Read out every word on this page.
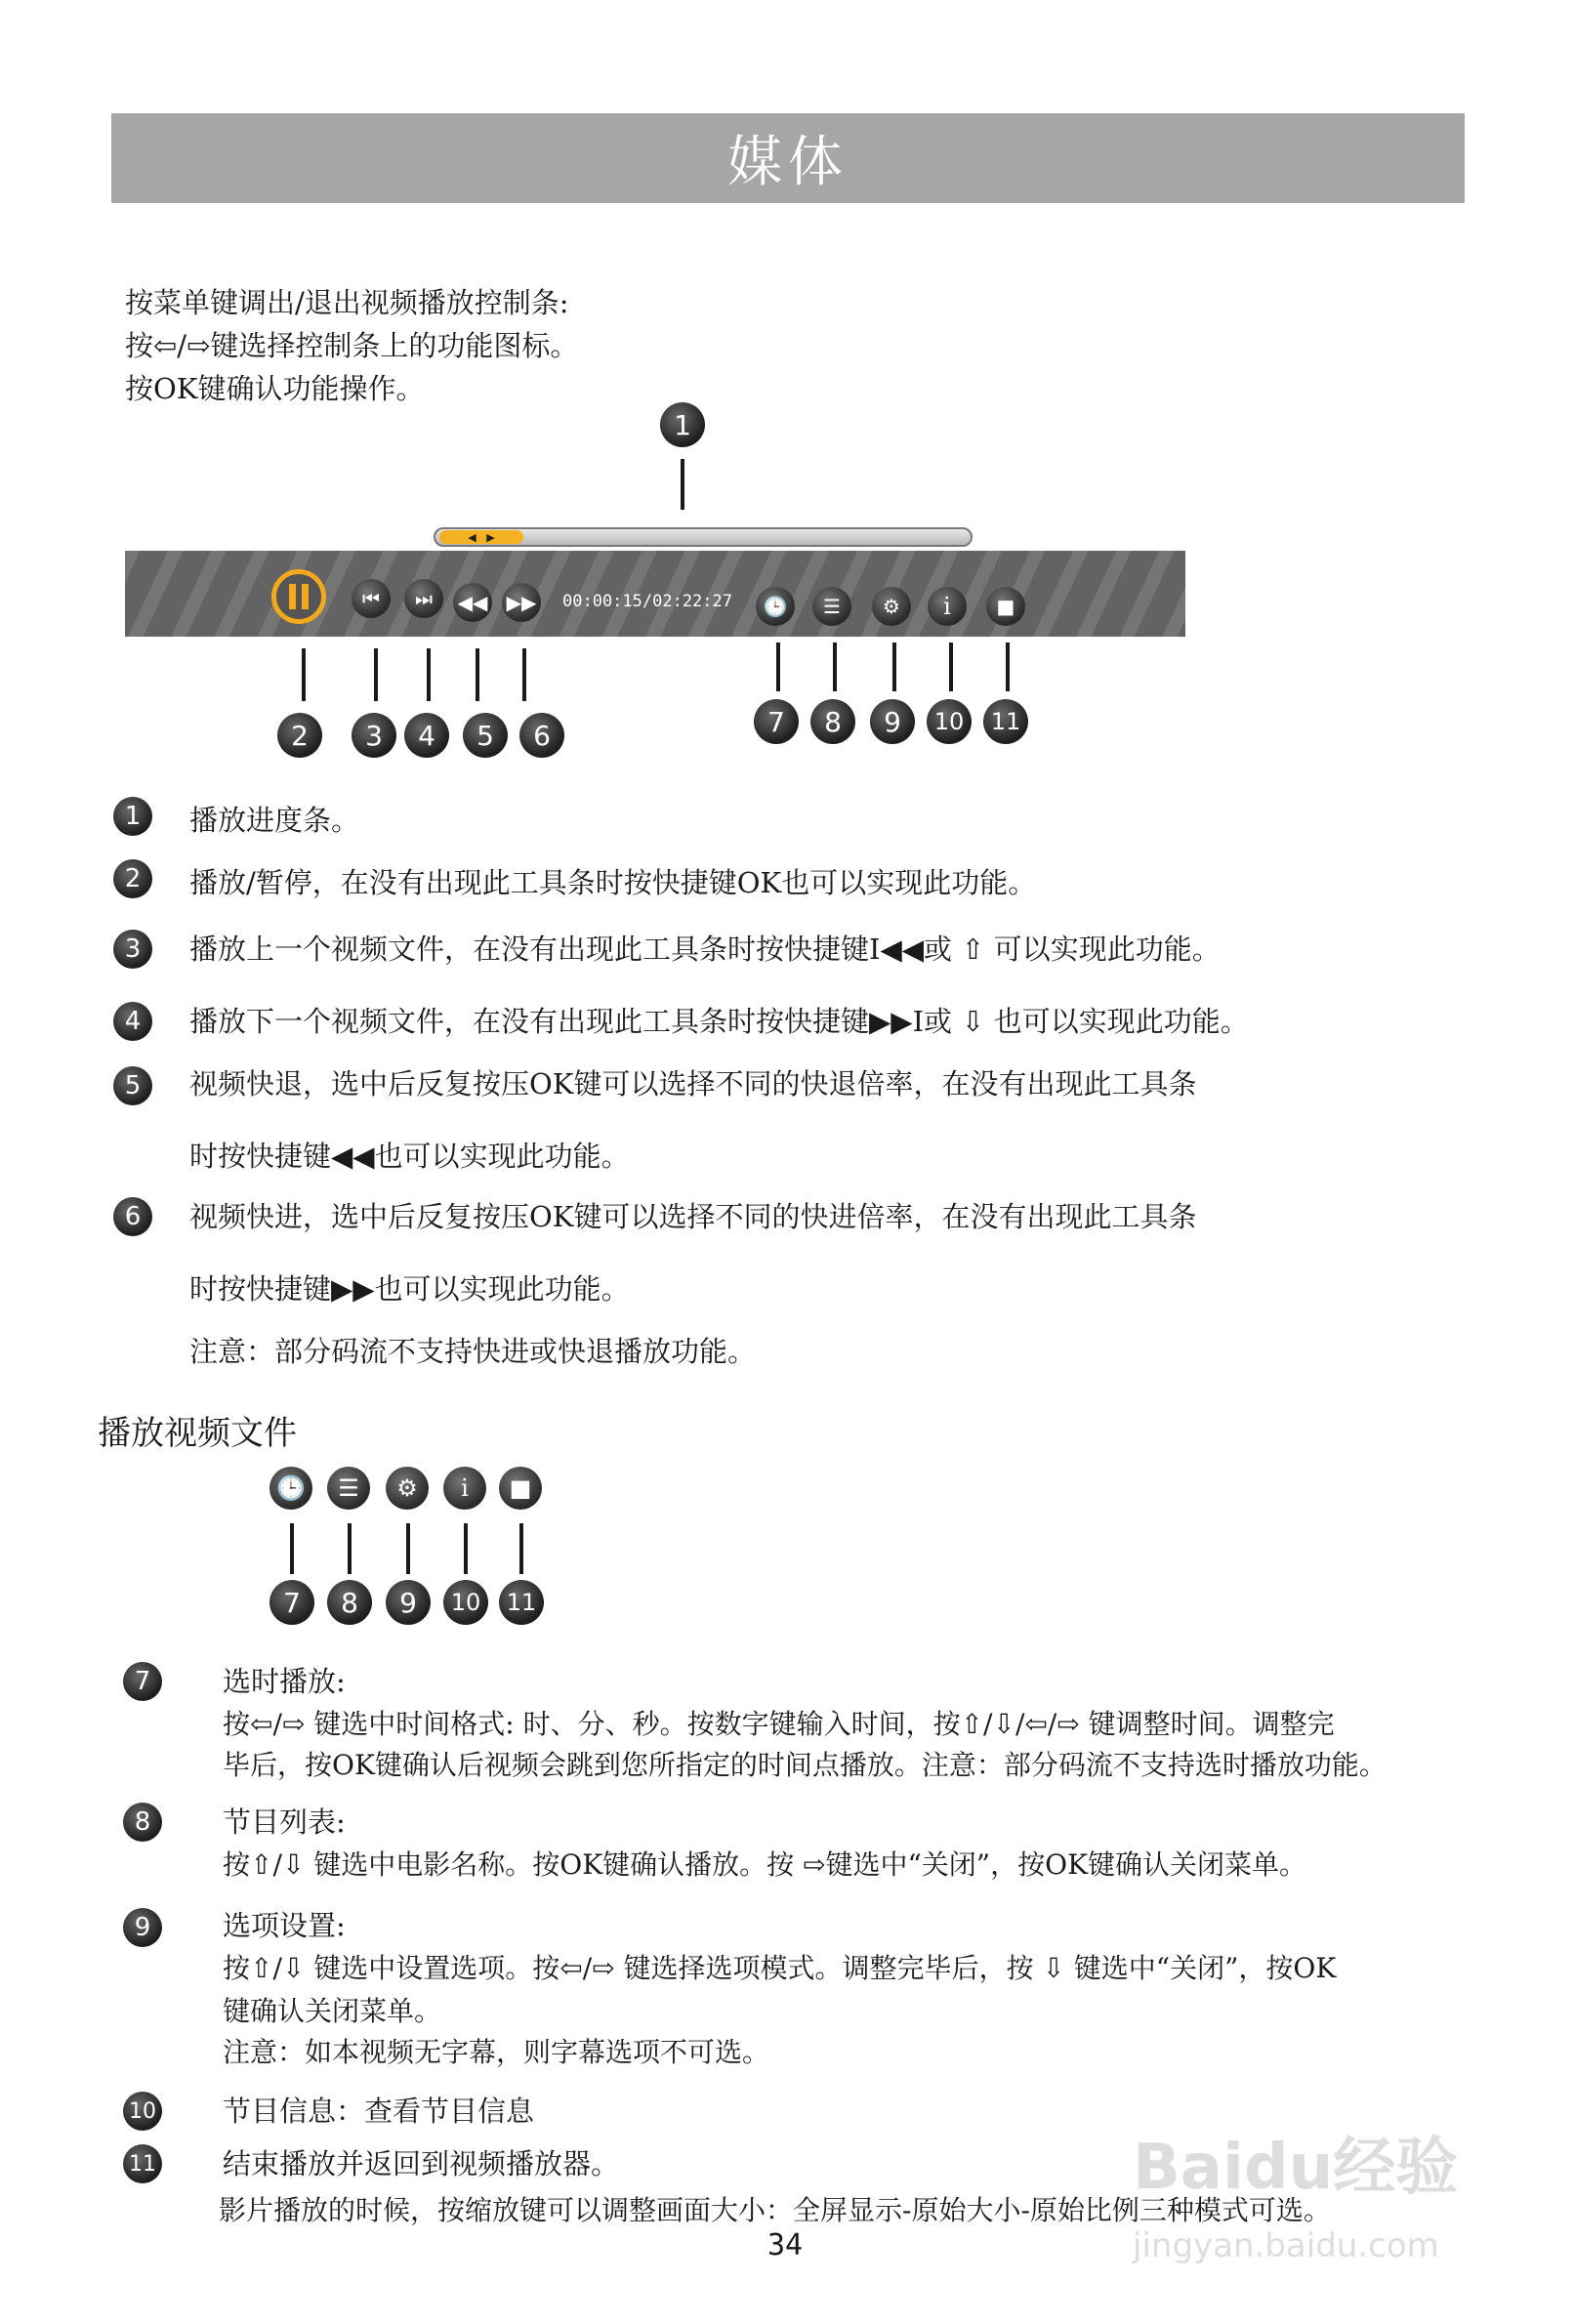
媒体
按菜单键调出/退出视频播放控制条:
按⇦/⇨键选择控制条上的功能图标。
按OK键确认功能操作。
1
◀   ▶
⏮	⏭	◀◀ ▶▶ 00:00:15/02:22:27	🕒	☰	⚙	i	■
2	3	4	5	6	7	8	9	10	11
1	播放进度条。
2	播放/暂停，在没有出现此工具条时按快捷键OK也可以实现此功能。
3	播放上一个视频文件，在没有出现此工具条时按快捷键I◀◀或 ⇧ 可以实现此功能。
4	播放下一个视频文件，在没有出现此工具条时按快捷键▶▶I或 ⇩ 也可以实现此功能。
5	视频快退，选中后反复按压OK键可以选择不同的快退倍率，在没有出现此工具条
时按快捷键◀◀也可以实现此功能。
6	视频快进，选中后反复按压OK键可以选择不同的快进倍率，在没有出现此工具条
时按快捷键▶▶也可以实现此功能。
注意：部分码流不支持快进或快退播放功能。
播放视频文件
🕒	☰	⚙	i	■
7	8	9	10	11
7	选时播放:
按⇦/⇨ 键选中时间格式: 时、分、秒。按数字键输入时间，按⇧/⇩/⇦/⇨ 键调整时间。调整完
毕后，按OK键确认后视频会跳到您所指定的时间点播放。注意：部分码流不支持选时播放功能。
8	节目列表:
按⇧/⇩ 键选中电影名称。按OK键确认播放。按 ⇨键选中“关闭”，按OK键确认关闭菜单。
9	选项设置:
按⇧/⇩ 键选中设置选项。按⇦/⇨ 键选择选项模式。调整完毕后，按 ⇩ 键选中“关闭”，按OK
键确认关闭菜单。
注意：如本视频无字幕，则字幕选项不可选。
10 节目信息：查看节目信息
11 结束播放并返回到视频播放器。
影片播放的时候，按缩放键可以调整画面大小：全屏显示-原始大小-原始比例三种模式可选。
34
Baidu经验
jingyan.baidu.com
